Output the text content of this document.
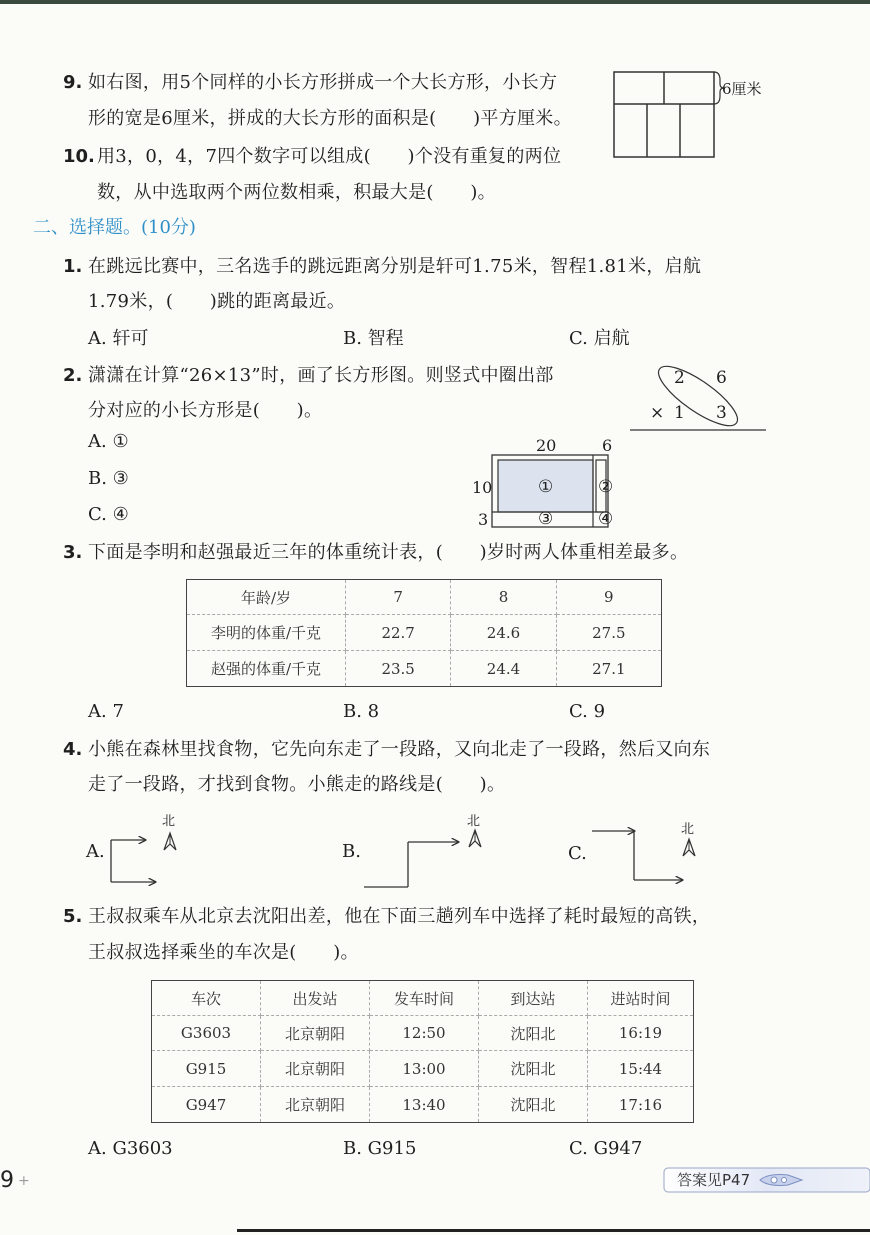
9. 如右图，用5个同样的小长方形拼成一个大长方形，小长方
形的宽是6厘米，拼成的大长方形的面积是(　　)平方厘米。
6厘米
10. 用3，0，4，7四个数字可以组成(　　)个没有重复的两位
数，从中选取两个两位数相乘，积最大是(　　)。
二、选择题。(10分)
1. 在跳远比赛中，三名选手的跳远距离分别是轩可1.75米，智程1.81米，启航
1.79米，(　　)跳的距离最近。
A. 轩可	B. 智程	C. 启航
2. 潇潇在计算“26×13”时，画了长方形图。则竖式中圈出部
分对应的小长方形是(　　)。
A. ①
B. ③
C. ④
2 6
× 1 3
20	6
10
3
①	②
③	④
3. 下面是李明和赵强最近三年的体重统计表，(　　)岁时两人体重相差最多。
年龄/岁	7	8	9
李明的体重/千克	22.7	24.6	27.5
赵强的体重/千克	23.5	24.4	27.1
A. 7	B. 8	C. 9
4. 小熊在森林里找食物，它先向东走了一段路，又向北走了一段路，然后又向东
走了一段路，才找到食物。小熊走的路线是(　　)。
A.
北
B.
北
C.
北
5. 王叔叔乘车从北京去沈阳出差，他在下面三趟列车中选择了耗时最短的高铁，
王叔叔选择乘坐的车次是(　　)。
车次	出发站	发车时间	到达站	进站时间
G3603	北京朝阳	12:50	沈阳北	16:19
G915	北京朝阳	13:00	沈阳北	15:44
G947	北京朝阳	13:40	沈阳北	17:16
A. G3603	B. G915	C. G947
9 +	答案见P47
